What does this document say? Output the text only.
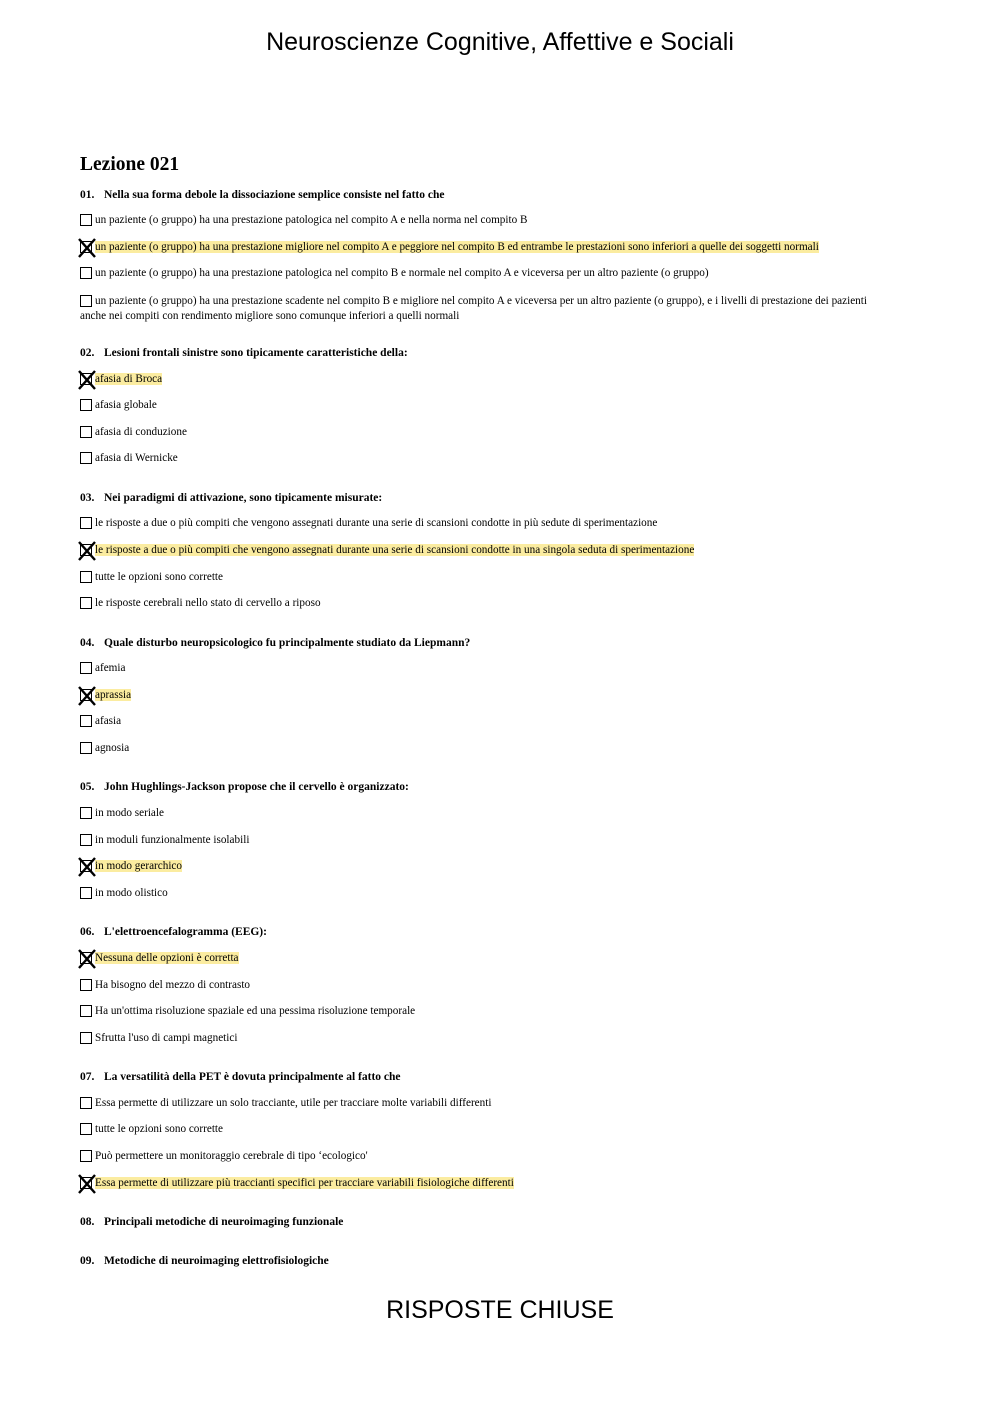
Neuroscienze Cognitive, Affettive e Sociali
Lezione 021
01. Nella sua forma debole la dissociazione semplice consiste nel fatto che
un paziente (o gruppo) ha una prestazione patologica nel compito A e nella norma nel compito B
un paziente (o gruppo) ha una prestazione migliore nel compito A e peggiore nel compito B ed entrambe le prestazioni sono inferiori a quelle dei soggetti normali
un paziente (o gruppo) ha una prestazione patologica nel compito B e normale nel compito A e viceversa per un altro paziente (o gruppo)
un paziente (o gruppo) ha una prestazione scadente nel compito B e migliore nel compito A e viceversa per un altro paziente (o gruppo), e i livelli di prestazione dei pazienti anche nei compiti con rendimento migliore sono comunque inferiori a quelli normali
02. Lesioni frontali sinistre sono tipicamente caratteristiche della:
afasia di Broca
afasia globale
afasia di conduzione
afasia di Wernicke
03. Nei paradigmi di attivazione, sono tipicamente misurate:
le risposte a due o più compiti che vengono assegnati durante una serie di scansioni condotte in più sedute di sperimentazione
le risposte a due o più compiti che vengono assegnati durante una serie di scansioni condotte in una singola seduta di sperimentazione
tutte le opzioni sono corrette
le risposte cerebrali nello stato di cervello a riposo
04. Quale disturbo neuropsicologico fu principalmente studiato da Liepmann?
afemia
aprassia
afasia
agnosia
05. John Hughlings-Jackson propose che il cervello è organizzato:
in modo seriale
in moduli funzionalmente isolabili
in modo gerarchico
in modo olistico
06. L'elettroencefalogramma (EEG):
Nessuna delle opzioni è corretta
Ha bisogno del mezzo di contrasto
Ha un'ottima risoluzione spaziale ed una pessima risoluzione temporale
Sfrutta l'uso di campi magnetici
07. La versatilità della PET è dovuta principalmente al fatto che
Essa permette di utilizzare un solo tracciante, utile per tracciare molte variabili differenti
tutte le opzioni sono corrette
Può permettere un monitoraggio cerebrale di tipo ‘ecologico'
Essa permette di utilizzare più traccianti specifici per tracciare variabili fisiologiche differenti
08. Principali metodiche di neuroimaging funzionale
09. Metodiche di neuroimaging elettrofisiologiche
RISPOSTE CHIUSE
